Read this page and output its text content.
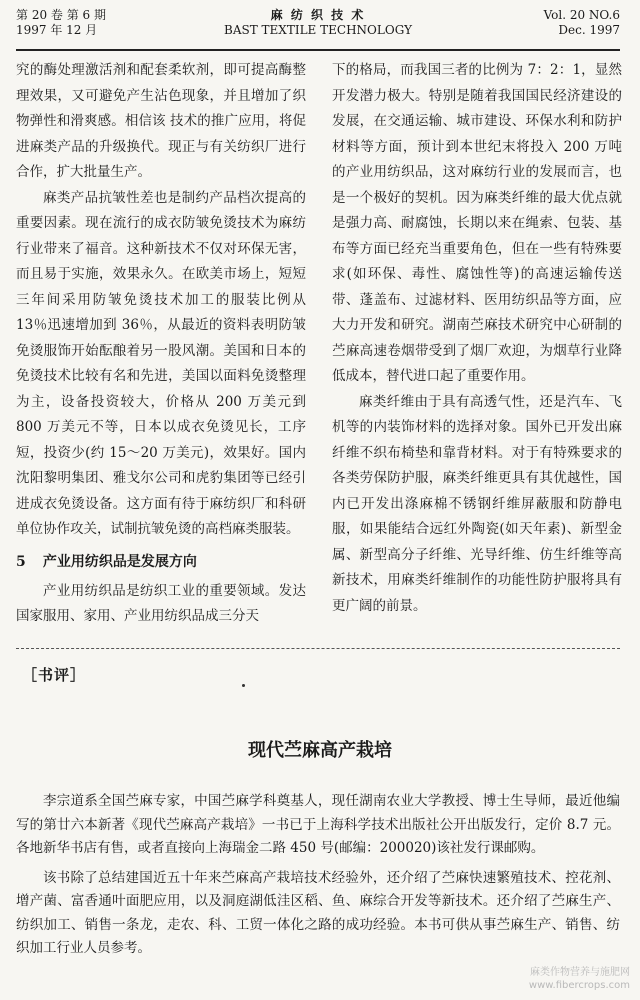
第 20 卷 第 6 期
1997 年 12 月
麻 纺 织 技 术
BAST TEXTILE TECHNOLOGY
Vol. 20 NO.6
Dec. 1997

究的酶处理激活剂和配套柔软剂，即可提高酶整理效果，又可避免产生沾色现象，并且增加了织物弹性和滑爽感。相信该 技术的推广应用，将促进麻类产品的升级换代。现正与有关纺织厂进行合作，扩大批量生产。

麻类产品抗皱性差也是制约产品档次提高的重要因素。现在流行的成衣防皱免烫技术为麻纺行业带来了福音。这种新技术不仅对环保无害，而且易于实施，效果永久。在欧美市场上，短短三年间采用防皱免烫技术加工的服装比例从 13％迅速增加到 36％，从最近的资料表明防皱免烫服饰开始酝酿着另一股风潮。美国和日本的免烫技术比较有名和先进，美国以面料免烫整理为主，设备投资较大，价格从 200 万美元到 800 万美元不等，日本以成衣免烫见长，工序短，投资少(约 15～20 万美元)，效果好。国内沈阳黎明集团、雅戈尔公司和虎豹集团等已经引进成衣免烫设备。这方面有待于麻纺织厂和科研单位协作攻关，试制抗皱免烫的高档麻类服装。

5 产业用纺织品是发展方向

产业用纺织品是纺织工业的重要领域。发达国家服用、家用、产业用纺织品成三分天

下的格局，而我国三者的比例为 7：2：1，显然开发潜力极大。特别是随着我国国民经济建设的发展，在交通运输、城市建设、环保水利和防护材料等方面，预计到本世纪末将投入 200 万吨的产业用纺织品，这对麻纺行业的发展而言，也是一个极好的契机。因为麻类纤维的最大优点就是强力高、耐腐蚀，长期以来在绳索、包装、基布等方面已经充当重要角色，但在一些有特殊要求(如环保、毒性、腐蚀性等)的高速运输传送带、蓬盖布、过滤材料、医用纺织品等方面，应大力开发和研究。湖南苎麻技术研究中心研制的苎麻高速卷烟带受到了烟厂欢迎，为烟草行业降低成本，替代进口起了重要作用。

麻类纤维由于具有高透气性，还是汽车、飞机等的内装饰材料的选择对象。国外已开发出麻纤维不织布椅垫和靠背材料。对于有特殊要求的各类劳保防护服，麻类纤维更具有其优越性，国内已开发出涤麻棉不锈钢纤维屏蔽服和防静电服，如果能结合远红外陶瓷(如天年素)、新型金属、新型高分子纤维、光导纤维、仿生纤维等高新技术，用麻类纤维制作的功能性防护服将具有更广阔的前景。

［书评］
现代苎麻高产栽培

李宗道系全国苎麻专家，中国苎麻学科奠基人，现任湖南农业大学教授、博士生导师，最近他编写的第廿六本新著《现代苎麻高产栽培》一书已于上海科学技术出版社公开出版发行，定价 8.7 元。各地新华书店有售，或者直接向上海瑞金二路 450 号(邮编：200020)该社发行课邮购。

该书除了总结建国近五十年来苎麻高产栽培技术经验外，还介绍了苎麻快速繁殖技术、控花剂、增产菌、富香通叶面肥应用，以及洞庭湖低洼区稻、鱼、麻综合开发等新技术。还介绍了苎麻生产、纺织加工、销售一条龙，走农、科、工贸一体化之路的成功经验。本书可供从事苎麻生产、销售、纺织加工行业人员参考。

麻类作物营养与施肥网
www.fibercrops.com
